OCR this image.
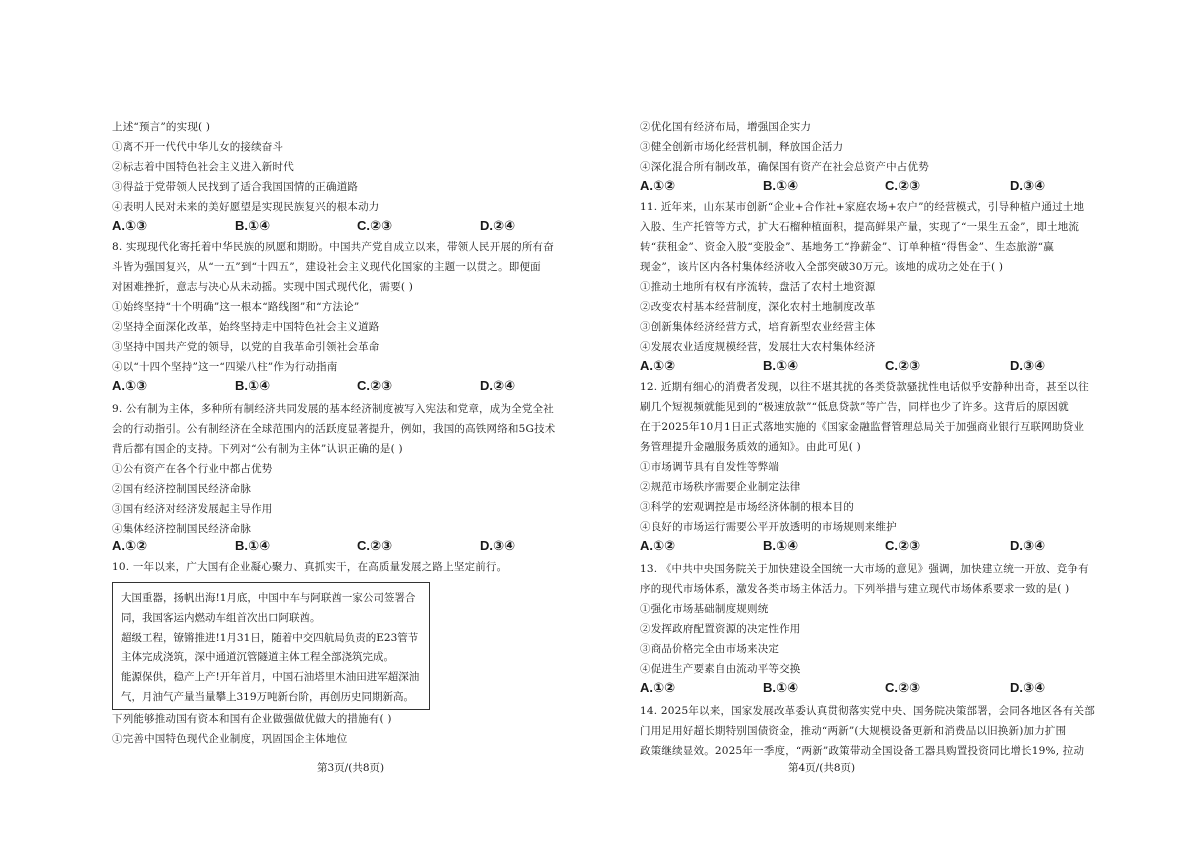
上述“预言”的实现( )
①离不开一代代中华儿女的接续奋斗
②标志着中国特色社会主义进入新时代
③得益于党带领人民找到了适合我国国情的正确道路
④表明人民对未来的美好愿望是实现民族复兴的根本动力
A.①③	B.①④	C.②③	D.②④
8. 实现现代化寄托着中华民族的夙愿和期盼。中国共产党自成立以来，带领人民开展的所有奋
斗皆为强国复兴，从“一五”到“十四五”，建设社会主义现代化国家的主题一以贯之。即便面
对困难挫折，意志与决心从未动摇。实现中国式现代化，需要( )
①始终坚持“十个明确”这一根本“路线图”和“方法论”
②坚持全面深化改革，始终坚持走中国特色社会主义道路
③坚持中国共产党的领导，以党的自我革命引领社会革命
④以“十四个坚持”这一“四梁八柱”作为行动指南
A.①③	B.①④	C.②③	D.②④
9. 公有制为主体，多种所有制经济共同发展的基本经济制度被写入宪法和党章，成为全党全社
会的行动指引。公有制经济在全球范围内的活跃度显著提升，例如，我国的高铁网络和5G技术
背后都有国企的支持。下列对“公有制为主体”认识正确的是( )
①公有资产在各个行业中都占优势
②国有经济控制国民经济命脉
③国有经济对经济发展起主导作用
④集体经济控制国民经济命脉
A.①②	B.①④	C.②③	D.③④
10. 一年以来，广大国有企业凝心聚力、真抓实干，在高质量发展之路上坚定前行。
大国重器，扬帆出海!1月底，中国中车与阿联酋一家公司签署合
同，我国客运内燃动车组首次出口阿联酋。
超级工程，镣锵推进!1月31日，随着中交四航局负责的E23管节
主体完成浇筑，深中通道沉管隧道主体工程全部浇筑完成。
能源保供，稳产上产!开年首月，中国石油塔里木油田进军超深油
气，月油气产量当量攀上319万吨新台阶，再创历史同期新高。
下列能够推动国有资本和国有企业做强做优做大的措施有( )
①完善中国特色现代企业制度，巩固国企主体地位
第3页/(共8页)
②优化国有经济布局，增强国企实力
③健全创新市场化经营机制，释放国企活力
④深化混合所有制改革，确保国有资产在社会总资产中占优势
A.①②	B.①④	C.②③	D.③④
11. 近年来，山东某市创新“企业+合作社+家庭农场+农户”的经营模式，引导种植户通过土地
入股、生产托管等方式，扩大石榴种植面积，提高鲜果产量，实现了“一果生五金”，即土地流
转“获租金”、资金入股“变股金”、基地务工“挣薪金”、订单种植“得售金”、生态旅游“赢
现金”，该片区内各村集体经济收入全部突破30万元。该地的成功之处在于( )
①推动土地所有权有序流转，盘活了农村土地资源
②改变农村基本经营制度，深化农村土地制度改革
③创新集体经济经营方式，培育新型农业经营主体
④发展农业适度规模经营，发展壮大农村集体经济
A.①②	B.①④	C.②③	D.③④
12. 近期有细心的消费者发现，以往不堪其扰的各类贷款骚扰性电话似乎安静种出奇，甚至以往
刷几个短视频就能见到的“极速放款”“低息贷款”等广告，同样也少了许多。这背后的原因就
在于2025年10月1日正式落地实施的《国家金融监督管理总局关于加强商业银行互联网助贷业
务管理提升金融服务质效的通知》。由此可见( )
①市场调节具有自发性等弊端
②规范市场秩序需要企业制定法律
③科学的宏观调控是市场经济体制的根本目的
④良好的市场运行需要公平开放透明的市场规则来维护
A.①②	B.①④	C.②③	D.③④
13. 《中共中央国务院关于加快建设全国统一大市场的意见》强调，加快建立统一开放、竞争有
序的现代市场体系，激发各类市场主体活力。下列举措与建立现代市场体系要求一致的是( )
①强化市场基础制度规则统
②发挥政府配置资源的决定性作用
③商品价格完全由市场来决定
④促进生产要素自由流动平等交换
A.①②	B.①④	C.②③	D.③④
14. 2025年以来，国家发展改革委认真贯彻落实党中央、国务院决策部署，会同各地区各有关部
门用足用好超长期特别国债资金，推动“两新”(大规模设备更新和消费品以旧换新)加力扩围
政策继续显效。2025年一季度，“两新”政策带动全国设备工器具购置投资同比增长19%, 拉动
第4页/(共8页)
